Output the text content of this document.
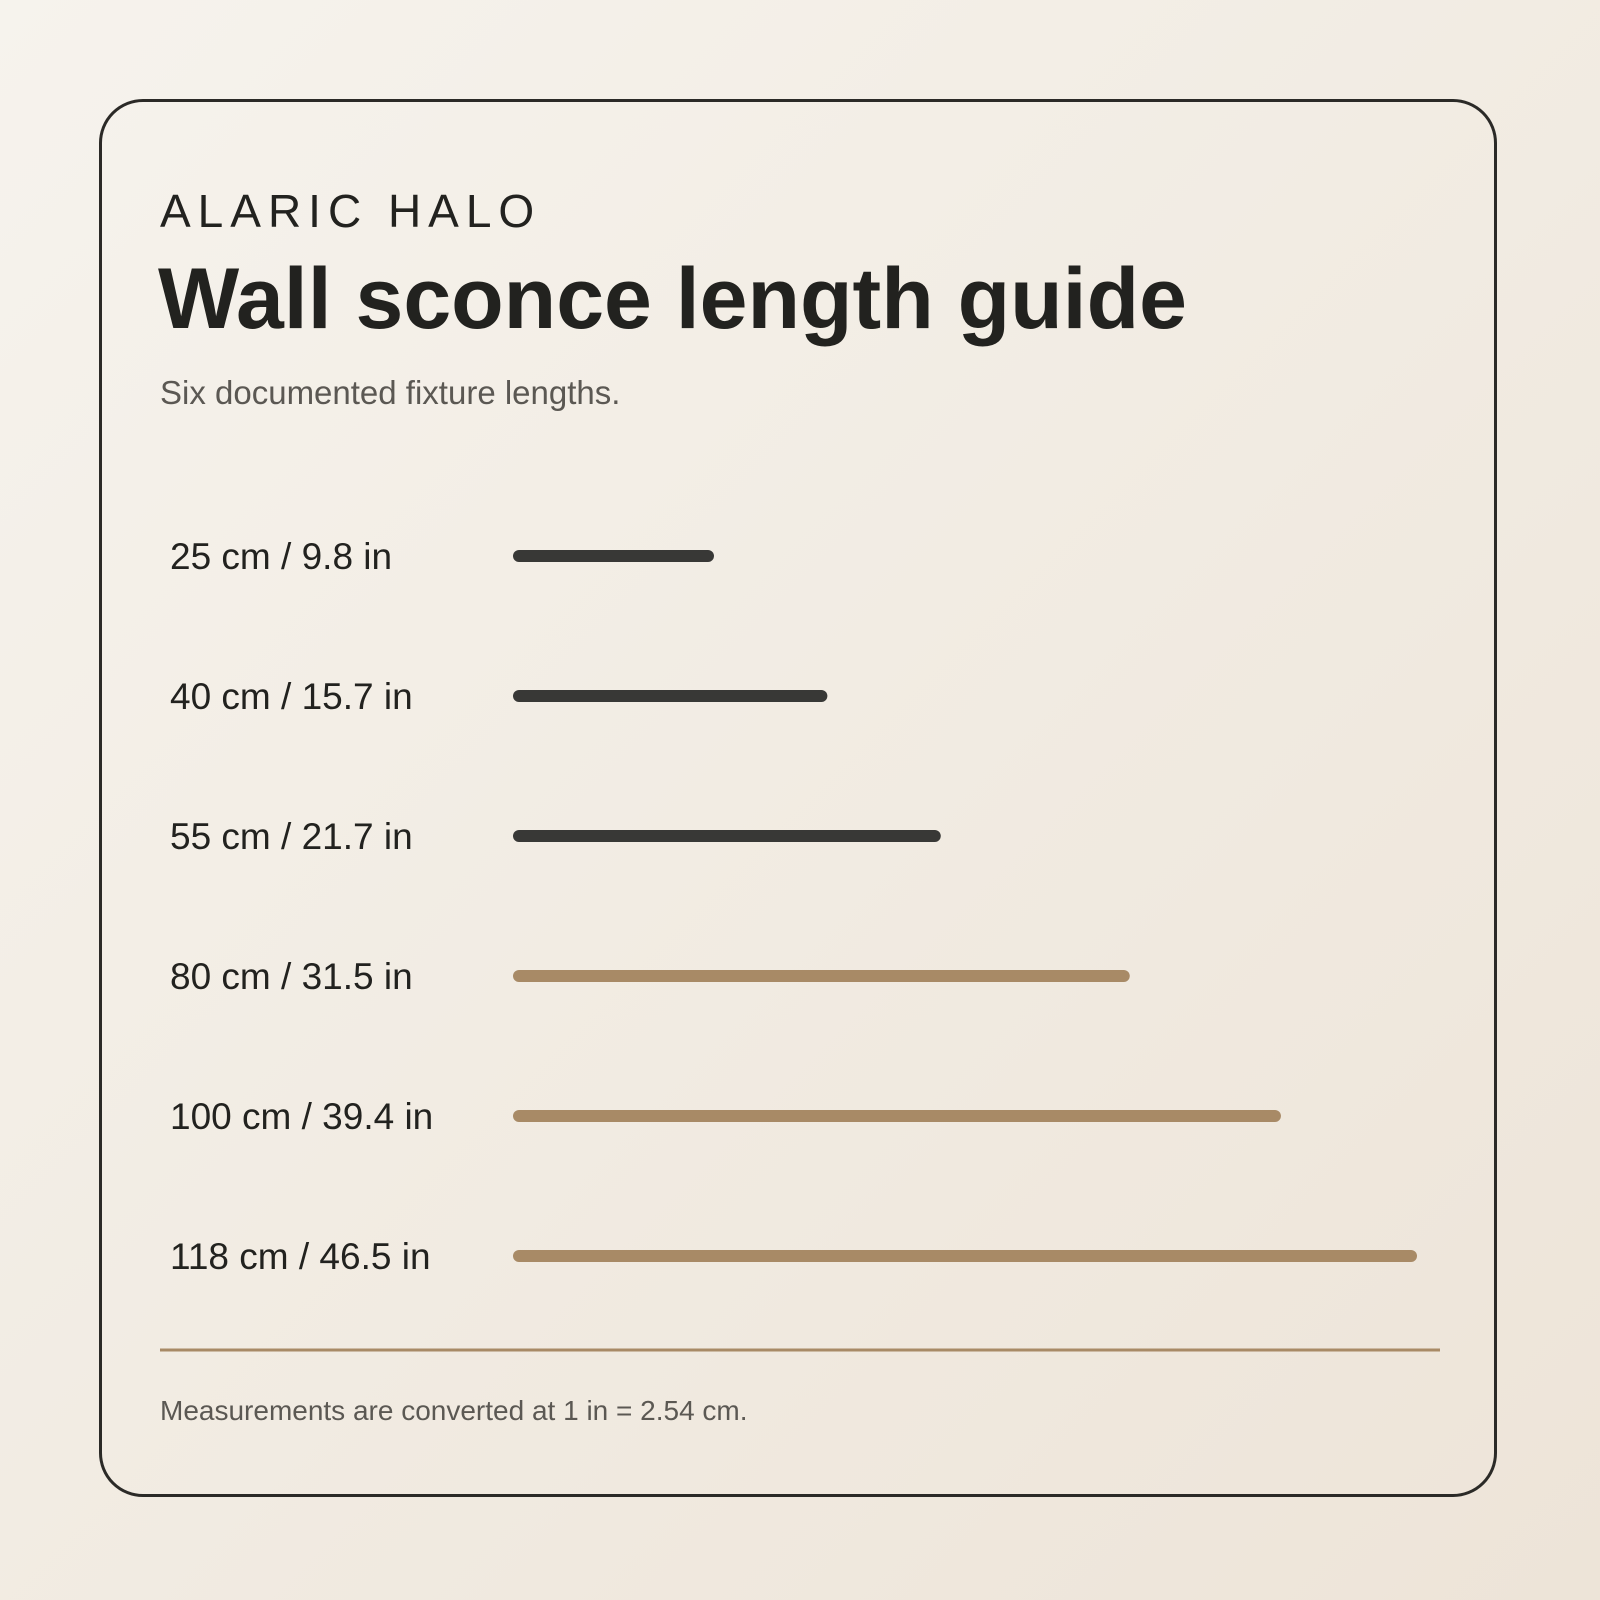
ALARIC HALO
Wall sconce length guide
Six documented fixture lengths.
25 cm / 9.8 in
40 cm / 15.7 in
55 cm / 21.7 in
80 cm / 31.5 in
100 cm / 39.4 in
118 cm / 46.5 in
Measurements are converted at 1 in = 2.54 cm.
